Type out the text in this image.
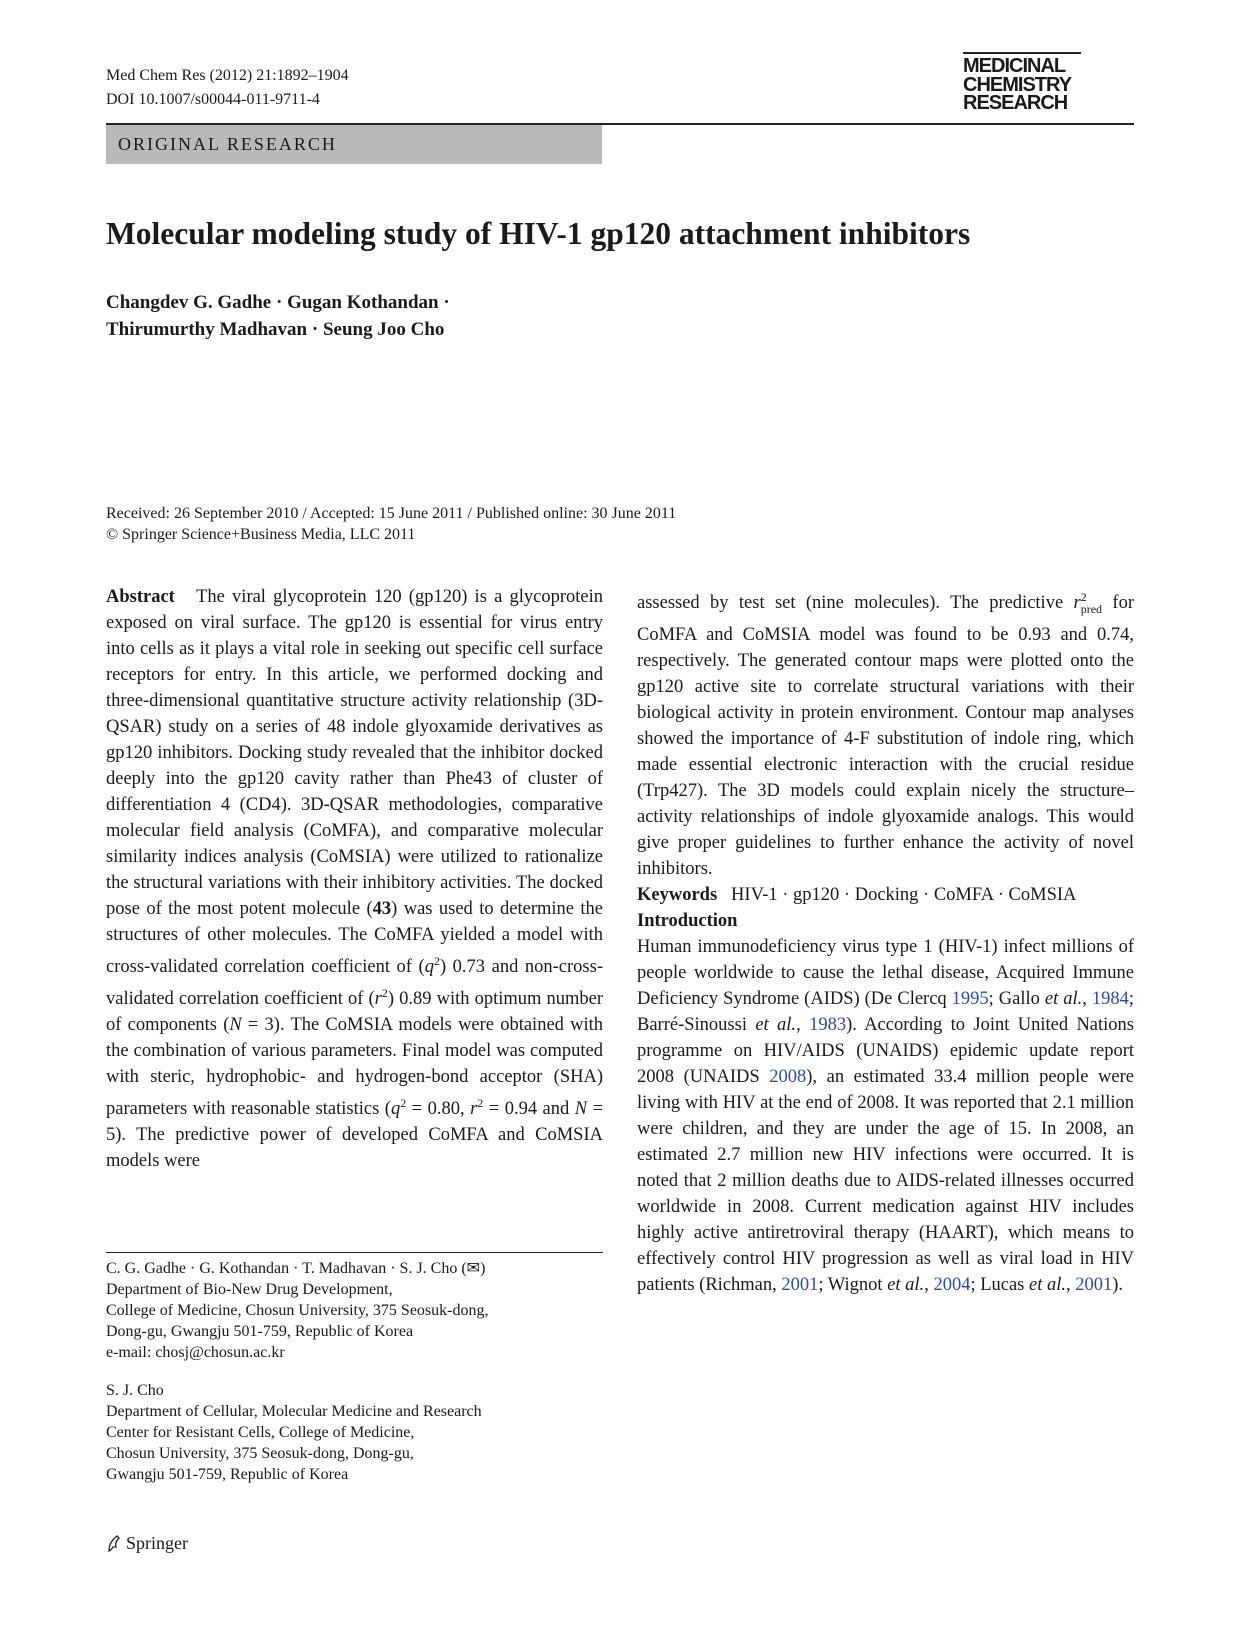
Med Chem Res (2012) 21:1892–1904
DOI 10.1007/s00044-011-9711-4
MEDICINAL
CHEMISTRY
RESEARCH
ORIGINAL RESEARCH
Molecular modeling study of HIV-1 gp120 attachment inhibitors
Changdev G. Gadhe · Gugan Kothandan ·
Thirumurthy Madhavan · Seung Joo Cho
Received: 26 September 2010 / Accepted: 15 June 2011 / Published online: 30 June 2011
© Springer Science+Business Media, LLC 2011

Abstract The viral glycoprotein 120 (gp120) is a glycoprotein exposed on viral surface. The gp120 is essential for virus entry into cells as it plays a vital role in seeking out specific cell surface receptors for entry. In this article, we performed docking and three-dimensional quantitative structure activity relationship (3D-QSAR) study on a series of 48 indole glyoxamide derivatives as gp120 inhibitors. Docking study revealed that the inhibitor docked deeply into the gp120 cavity rather than Phe43 of cluster of differentiation 4 (CD4). 3D-QSAR methodologies, comparative molecular field analysis (CoMFA), and comparative molecular similarity indices analysis (CoMSIA) were utilized to rationalize the structural variations with their inhibitory activities. The docked pose of the most potent molecule (43) was used to determine the structures of other molecules. The CoMFA yielded a model with cross-validated correlation coefficient of $(q^2)$ 0.73 and non-cross-validated correlation coefficient of $(r^2)$ 0.89 with optimum number of components (N = 3). The CoMSIA models were obtained with the combination of various parameters. Final model was computed with steric, hydrophobic- and hydrogen-bond acceptor (SHA) parameters with reasonable statistics ($q^2 = 0.80$, $r^2 = 0.94$ and N = 5). The predictive power of developed CoMFA and CoMSIA models were

C. G. Gadhe · G. Kothandan · T. Madhavan · S. J. Cho (✉)
Department of Bio-New Drug Development,
College of Medicine, Chosun University, 375 Seosuk-dong,
Dong-gu, Gwangju 501-759, Republic of Korea
e-mail: chosj@chosun.ac.kr
S. J. Cho
Department of Cellular, Molecular Medicine and Research
Center for Resistant Cells, College of Medicine,
Chosun University, 375 Seosuk-dong, Dong-gu,
Gwangju 501-759, Republic of Korea

assessed by test set (nine molecules). The predictive $r^2_{pred}$ for CoMFA and CoMSIA model was found to be 0.93 and 0.74, respectively. The generated contour maps were plotted onto the gp120 active site to correlate structural variations with their biological activity in protein environment. Contour map analyses showed the importance of 4-F substitution of indole ring, which made essential electronic interaction with the crucial residue (Trp427). The 3D models could explain nicely the structure–activity relationships of indole glyoxamide analogs. This would give proper guidelines to further enhance the activity of novel inhibitors.

Keywords HIV-1 · gp120 · Docking · CoMFA · CoMSIA

Introduction

Human immunodeficiency virus type 1 (HIV-1) infect millions of people worldwide to cause the lethal disease, Acquired Immune Deficiency Syndrome (AIDS) (De Clercq 1995; Gallo et al., 1984; Barré-Sinoussi et al., 1983). According to Joint United Nations programme on HIV/AIDS (UNAIDS) epidemic update report 2008 (UNAIDS 2008), an estimated 33.4 million people were living with HIV at the end of 2008. It was reported that 2.1 million were children, and they are under the age of 15. In 2008, an estimated 2.7 million new HIV infections were occurred. It is noted that 2 million deaths due to AIDS-related illnesses occurred worldwide in 2008. Current medication against HIV includes highly active antiretroviral therapy (HAART), which means to effectively control HIV progression as well as viral load in HIV patients (Richman, 2001; Wignot et al., 2004; Lucas et al., 2001).

Springer
